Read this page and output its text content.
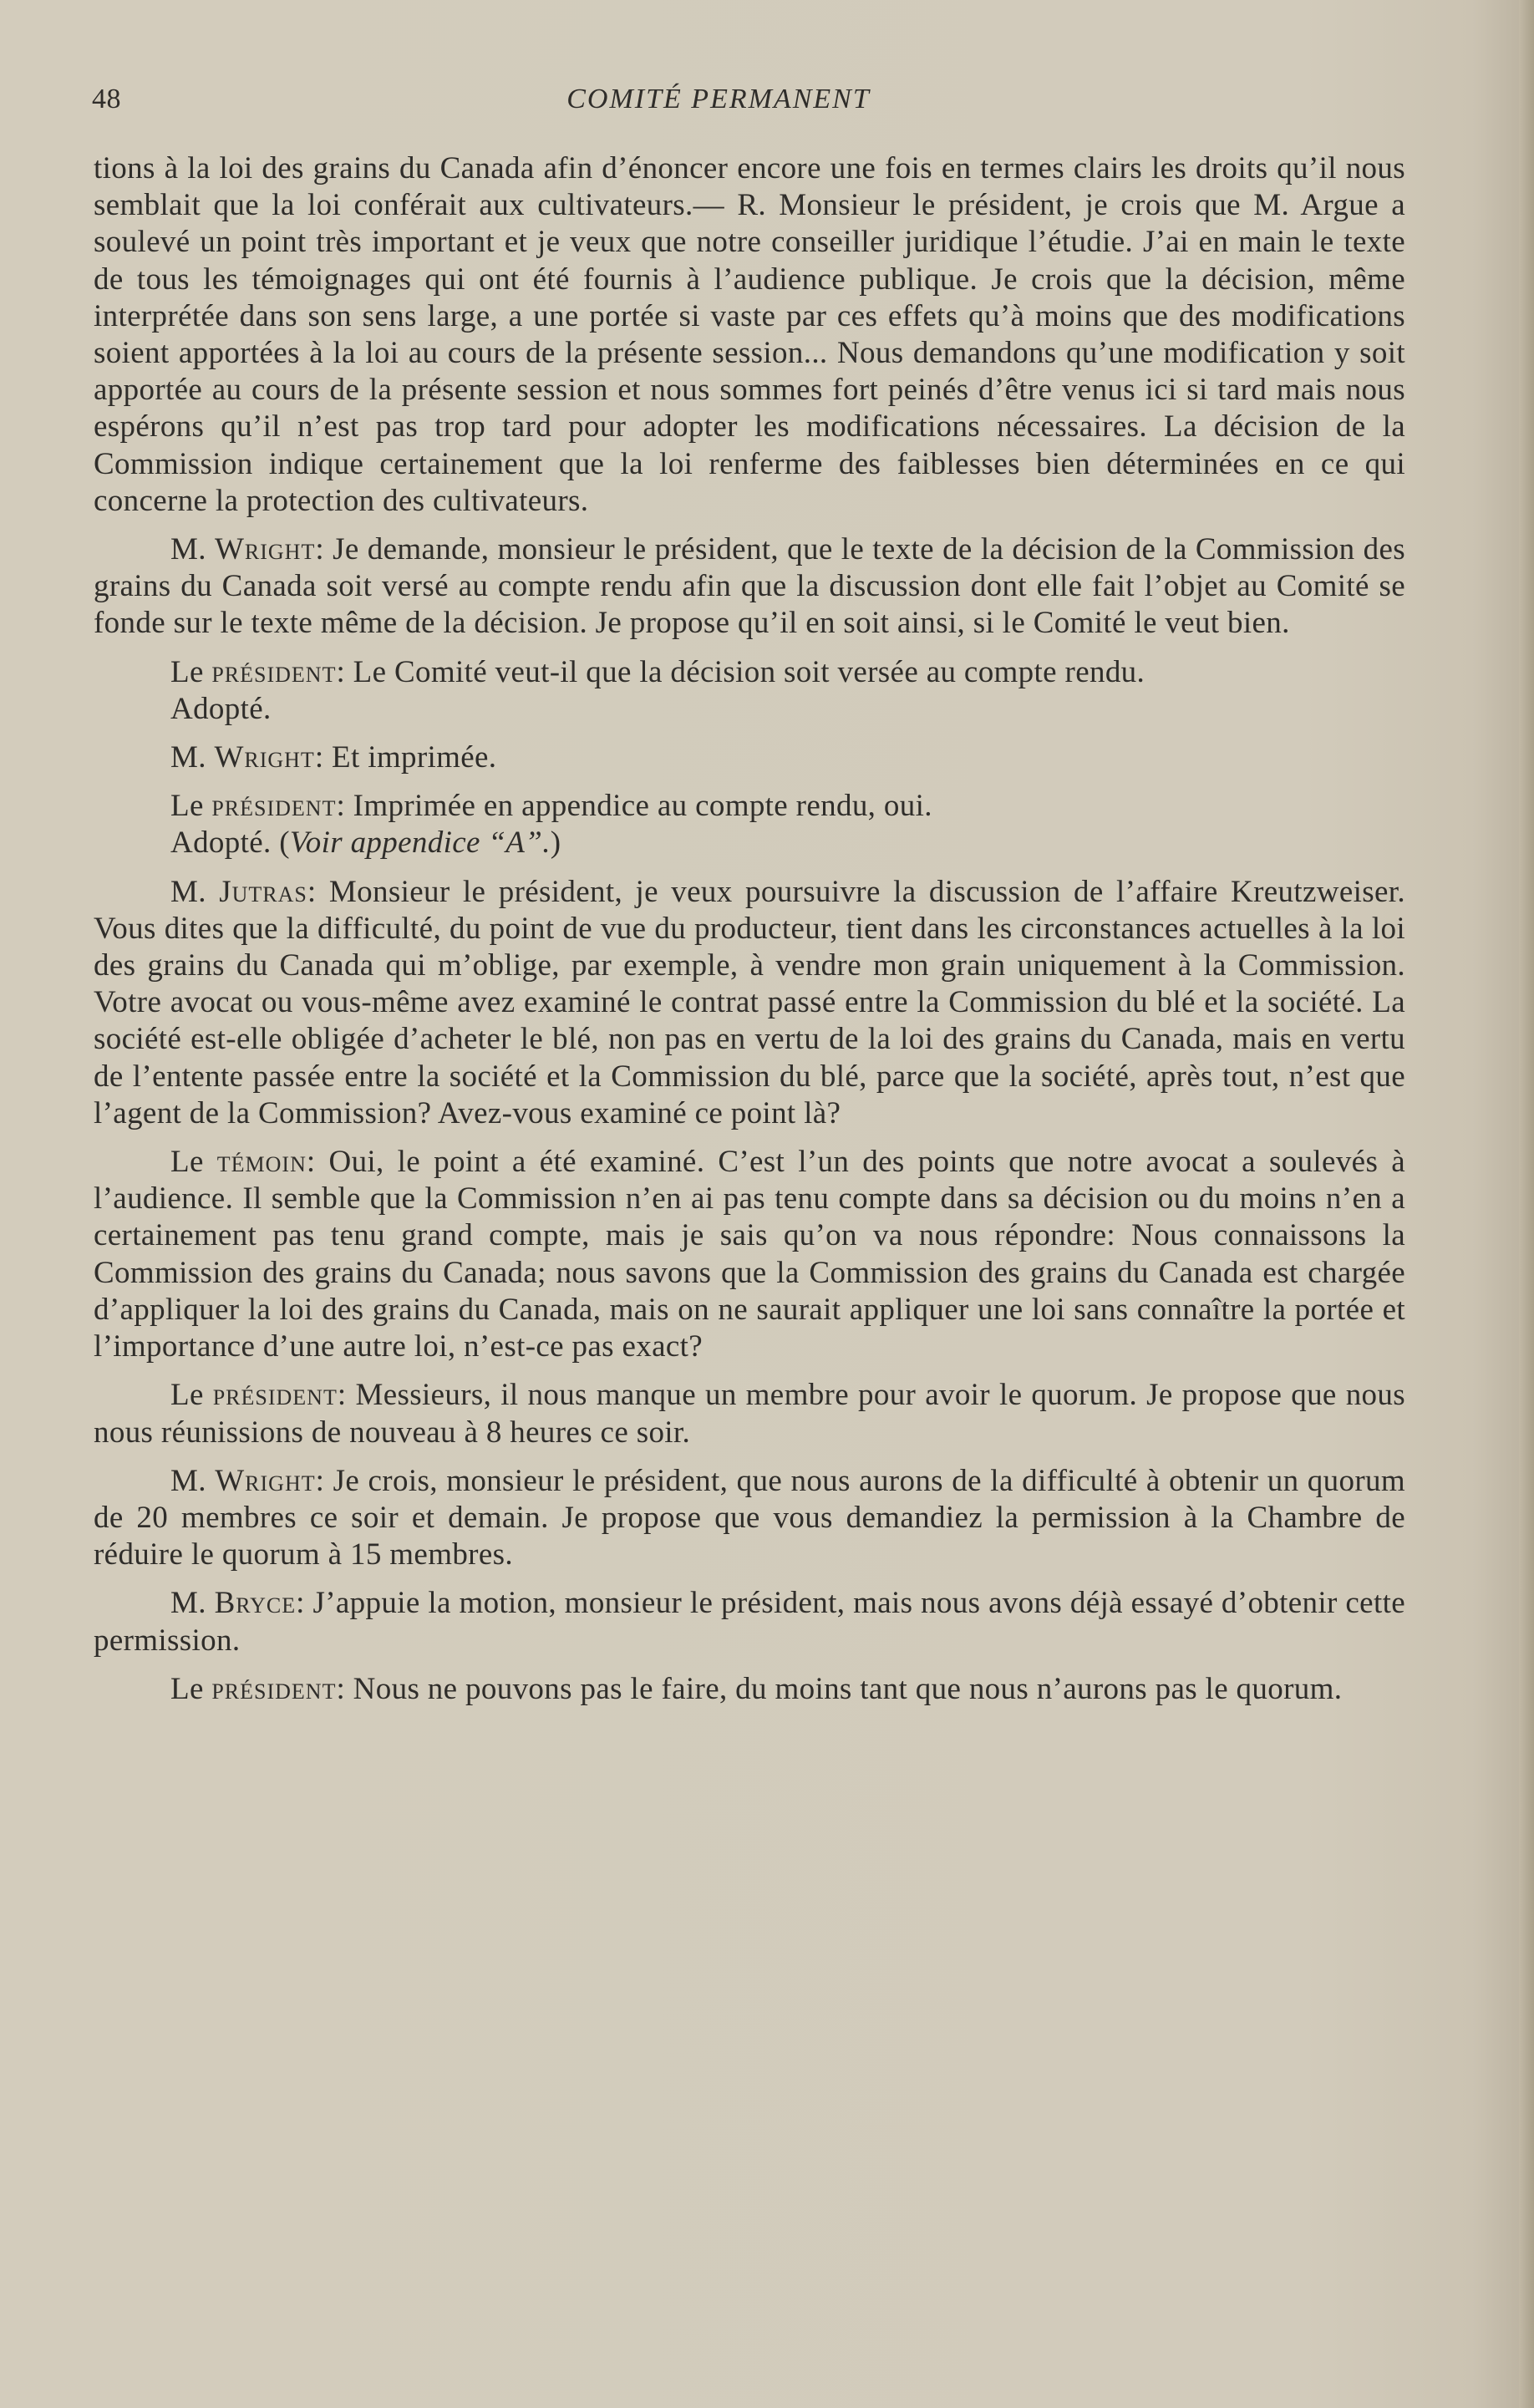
48	COMITÉ PERMANENT

tions à la loi des grains du Canada afin d’énoncer encore une fois en termes clairs les droits qu’il nous semblait que la loi conférait aux cultivateurs.— R. Monsieur le président, je crois que M. Argue a soulevé un point très important et je veux que notre conseiller juridique l’étudie. J’ai en main le texte de tous les témoignages qui ont été fournis à l’audience publique. Je crois que la décision, même interprétée dans son sens large, a une portée si vaste par ces effets qu’à moins que des modifications soient apportées à la loi au cours de la présente session... Nous demandons qu’une modification y soit apportée au cours de la présente session et nous sommes fort peinés d’être venus ici si tard mais nous espérons qu’il n’est pas trop tard pour adopter les modifications nécessaires. La décision de la Commission indique certainement que la loi renferme des faiblesses bien déterminées en ce qui concerne la protection des cultivateurs.

M. Wright: Je demande, monsieur le président, que le texte de la décision de la Commission des grains du Canada soit versé au compte rendu afin que la discussion dont elle fait l’objet au Comité se fonde sur le texte même de la décision. Je propose qu’il en soit ainsi, si le Comité le veut bien.

Le président: Le Comité veut-il que la décision soit versée au compte rendu.

Adopté.

M. Wright: Et imprimée.

Le président: Imprimée en appendice au compte rendu, oui.

Adopté. (Voir appendice “A”.)

M. Jutras: Monsieur le président, je veux poursuivre la discussion de l’affaire Kreutzweiser. Vous dites que la difficulté, du point de vue du producteur, tient dans les circonstances actuelles à la loi des grains du Canada qui m’oblige, par exemple, à vendre mon grain uniquement à la Commission. Votre avocat ou vous-même avez examiné le contrat passé entre la Commission du blé et la société. La société est-elle obligée d’acheter le blé, non pas en vertu de la loi des grains du Canada, mais en vertu de l’entente passée entre la société et la Commission du blé, parce que la société, après tout, n’est que l’agent de la Commission? Avez-vous examiné ce point là?

Le témoin: Oui, le point a été examiné. C’est l’un des points que notre avocat a soulevés à l’audience. Il semble que la Commission n’en ai pas tenu compte dans sa décision ou du moins n’en a certainement pas tenu grand compte, mais je sais qu’on va nous répondre: Nous connaissons la Commission des grains du Canada; nous savons que la Commission des grains du Canada est chargée d’appliquer la loi des grains du Canada, mais on ne saurait appliquer une loi sans connaître la portée et l’importance d’une autre loi, n’est-ce pas exact?

Le président: Messieurs, il nous manque un membre pour avoir le quorum. Je propose que nous nous réunissions de nouveau à 8 heures ce soir.

M. Wright: Je crois, monsieur le président, que nous aurons de la difficulté à obtenir un quorum de 20 membres ce soir et demain. Je propose que vous demandiez la permission à la Chambre de réduire le quorum à 15 membres.

M. Bryce: J’appuie la motion, monsieur le président, mais nous avons déjà essayé d’obtenir cette permission.

Le président: Nous ne pouvons pas le faire, du moins tant que nous n’aurons pas le quorum.
